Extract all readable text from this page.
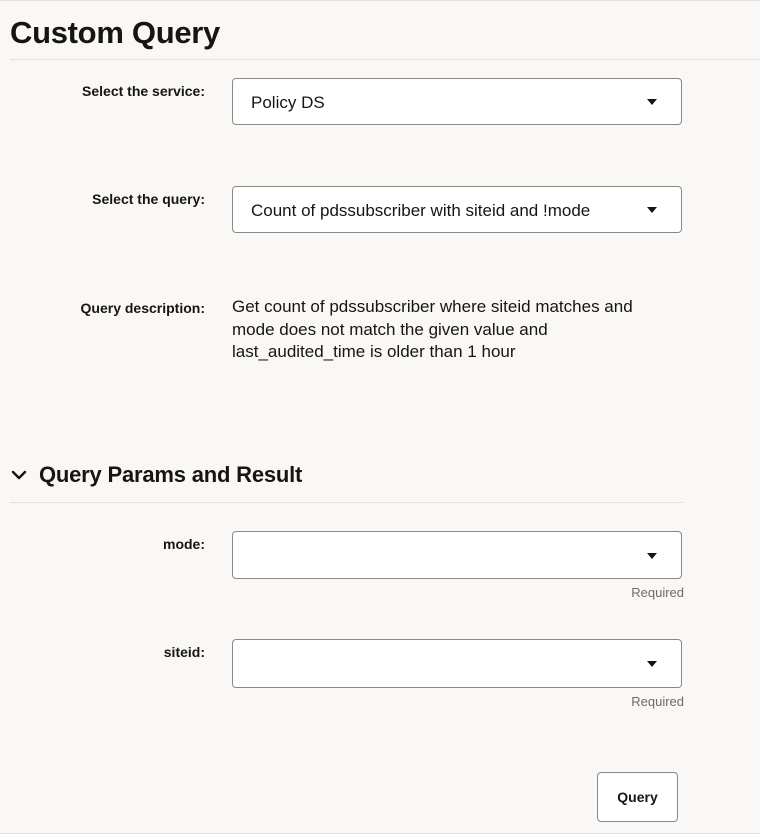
Custom Query
Select the service:
Policy DS
Select the query:
Count of pdssubscriber with siteid and !mode
Query description: Get count of pdssubscriber where siteid matches and mode does not match the given value and last_audited_time is older than 1 hour
Query Params and Result
mode:
Required
siteid:
Required
Query
